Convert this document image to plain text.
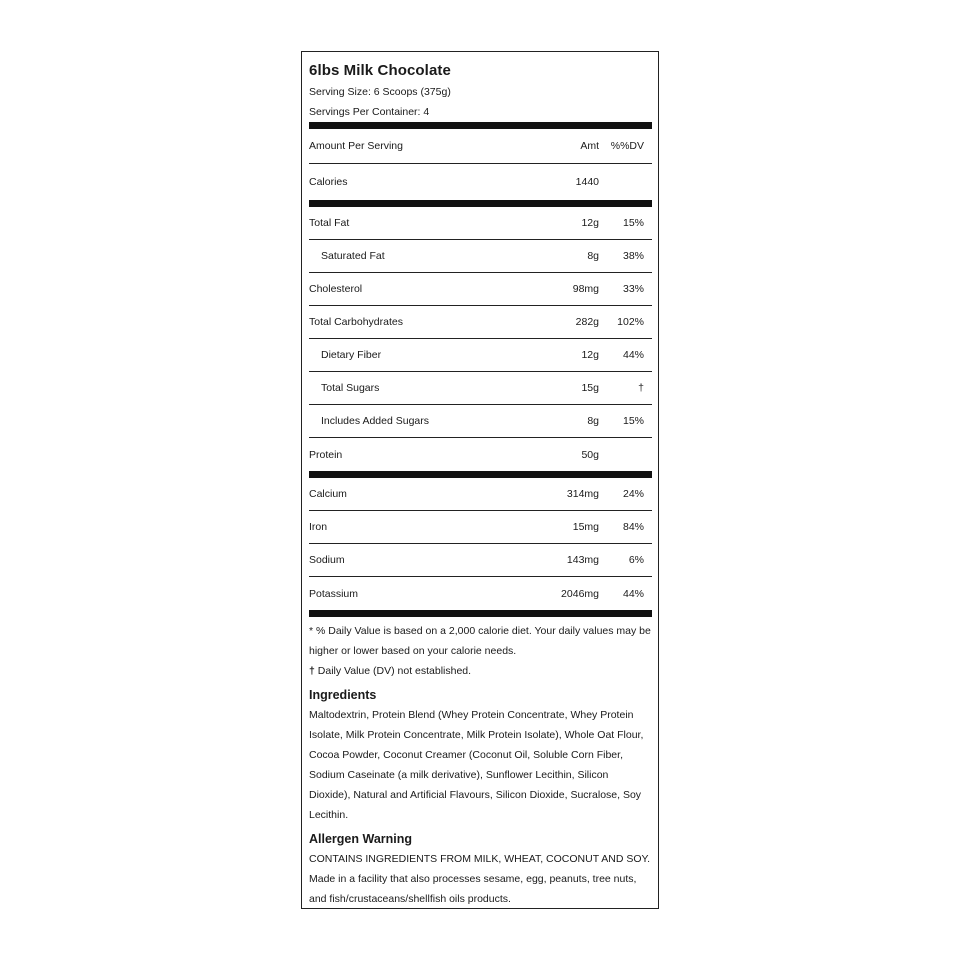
6lbs Milk Chocolate
Serving Size: 6 Scoops (375g)
Servings Per Container: 4
Amount Per Serving	Amt	%%DV
Calories	1440
Total Fat	12g	15%
Saturated Fat	8g	38%
Cholesterol	98mg	33%
Total Carbohydrates	282g	102%
Dietary Fiber	12g	44%
Total Sugars	15g	†
Includes Added Sugars	8g	15%
Protein	50g
Calcium	314mg	24%
Iron	15mg	84%
Sodium	143mg	6%
Potassium	2046mg	44%
* % Daily Value is based on a 2,000 calorie diet. Your daily values may be higher or lower based on your calorie needs.
† Daily Value (DV) not established.
Ingredients
Maltodextrin, Protein Blend (Whey Protein Concentrate, Whey Protein Isolate, Milk Protein Concentrate, Milk Protein Isolate), Whole Oat Flour, Cocoa Powder, Coconut Creamer (Coconut Oil, Soluble Corn Fiber, Sodium Caseinate (a milk derivative), Sunflower Lecithin, Silicon Dioxide), Natural and Artificial Flavours, Silicon Dioxide, Sucralose, Soy Lecithin.
Allergen Warning
CONTAINS INGREDIENTS FROM MILK, WHEAT, COCONUT AND SOY. Made in a facility that also processes sesame, egg, peanuts, tree nuts, and fish/crustaceans/shellfish oils products.
